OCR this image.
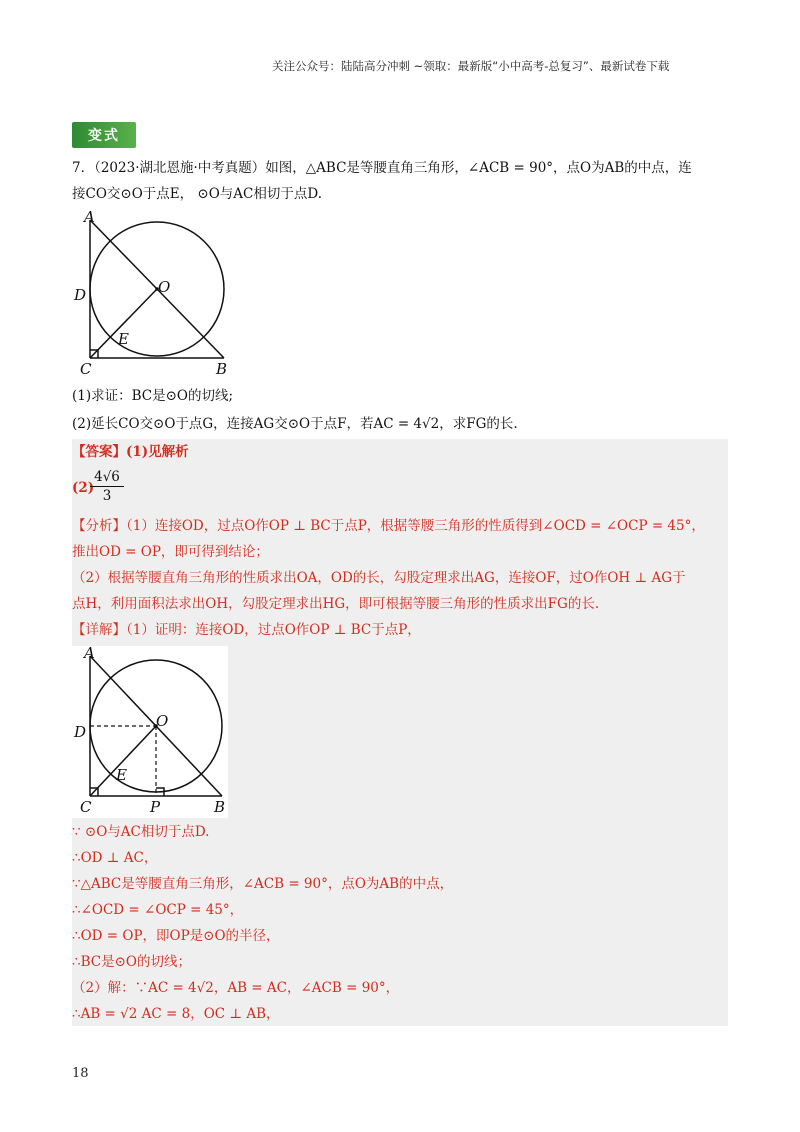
关注公众号：陆陆高分冲刺 ~领取：最新版“小中高考-总复习”、最新试卷下载
变式
7．（2023·湖北恩施·中考真题）如图，△ABC是等腰直角三角形，∠ACB = 90°，点O为AB的中点，连
接CO交⊙O于点E， ⊙O与AC相切于点D.
A
D	O
E
C	B
(1)求证：BC是⊙O的切线;
(2)延长CO交⊙O于点G，连接AG交⊙O于点F，若AC = 4√2，求FG的长.
【答案】(1)见解析
(2)
$\frac{4√6}{3}$
【分析】（1）连接OD，过点O作OP ⊥ BC于点P，根据等腰三角形的性质得到∠OCD = ∠OCP = 45°，
推出OD = OP，即可得到结论；
（2）根据等腰直角三角形的性质求出OA，OD的长，勾股定理求出AG，连接OF，过O作OH ⊥ AG于
点H，利用面积法求出OH，勾股定理求出HG，即可根据等腰三角形的性质求出FG的长.
【详解】（1）证明：连接OD，过点O作OP ⊥ BC于点P，
A
D
O
E
C	P	B
∵ ⊙O与AC相切于点D.
∴OD ⊥ AC，
∵△ABC是等腰直角三角形，∠ACB = 90°，点O为AB的中点，
∴∠OCD = ∠OCP = 45°，
∴OD = OP，即OP是⊙O的半径，
∴BC是⊙O的切线；
（2）解：∵AC = 4√2，AB = AC，∠ACB = 90°，
∴AB = √2 AC = 8，OC ⊥ AB，
18
